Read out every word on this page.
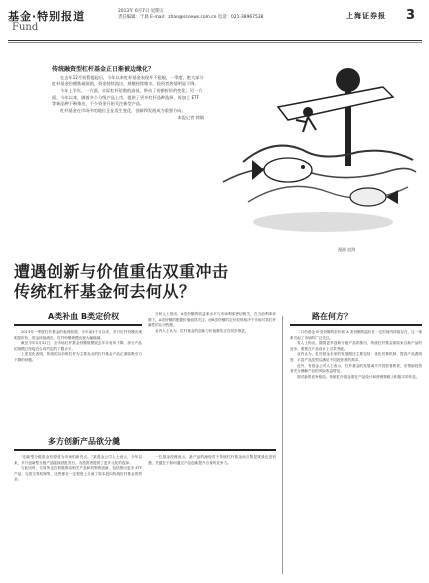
基金·特别报道
Fund
2013年 6月7日 星期五
责任编辑：于晨 E-mail：zhao@ssnews.com.cn 电话：021-38967538	上海证券报 3
传统融资型杠杆基金正日渐被边缘化？

在去年12月短暂提起后，今年以来杠杆基金表现并不抢眼，一季度，绝大部分杠杆基金份额跌破面值，资金持续流出，规模持续缩水，投资者热情明显下降。

今年上半年，一方面，实际杠杆倍数的高低，带动了份额折价的变化；另一方面，今年以来，随着多个分级产品上市，提供了更多杠杆品种选择，再加上 ETF 等新品种不断推出，不少资金开始关注新型产品。

杠杆基金在市场中的地位正在发生变化，创新和发展成为重要方向。

本报记者 徐婧

漫画 赵海
遭遇创新与价值重估双重冲击
传统杠杆基金何去何从？
A类补血 B类定价权

2013年一季度杠杆基金的表现较弱，今年前5个月以来，多只杠杆份额出现明显折价，资金持续流出，杠杆份额规模出现大幅缩减。

截至今年5月31日，全市场杠杆基金份额规模较去年末有所下降，部分产品的规模已经接近合同约定的下限水平。

上述变化表明，传统的以价格杠杆为主要卖点的杠杆基金产品正面临吸引力下降的问题。

分析人士指出，A类份额的收益率水平与市场利率密切相关，在当前利率环境下，A类份额的配置价值值得关注；而B类份额的定价权则取决于市场对其杠杆属性的认可程度。

业内人士认为，杠杆基金的创新与价值重估正在同步推进。

路在何方？

二月份基金 B 类份额的折价和 A 类份额的溢价在一定时间内持续存在，这一现象引起了市场的广泛关注。

有人士指出，随着更多创新分级产品的推出，传统杠杆基金面临来自新产品的竞争，需要在产品设计上寻求突破。

业内认为，杠杆基金未来的发展路径主要包括：优化折算机制、提高产品透明度、丰富产品类型以满足不同投资者的需求。

此外，有基金公司人士表示，杠杆基金的发展离不开投资者教育，应帮助投资者充分理解产品的风险收益特征。

面对新的竞争格局，传统杠杆基金需在产品设计和营销策略上积极寻求转变。

多方创新产品欲分羹

“创新型分级基金有望成为市场的新亮点。”某基金公司人士表示，今年以来，多只创新型分级产品陆续获批发行，为投资者提供了更多元化的选择。

与此同时，交易所也在积极推动相关产品和机制的创新，包括推出更多 ETF 产品、完善交易机制等，这些都在一定程度上分流了原本投向传统杠杆基金的资金。

一位基金经理表示，新产品的涌现对于传统杠杆基金而言既是挑战也是机遇，关键在于如何通过产品创新提升自身的竞争力。
